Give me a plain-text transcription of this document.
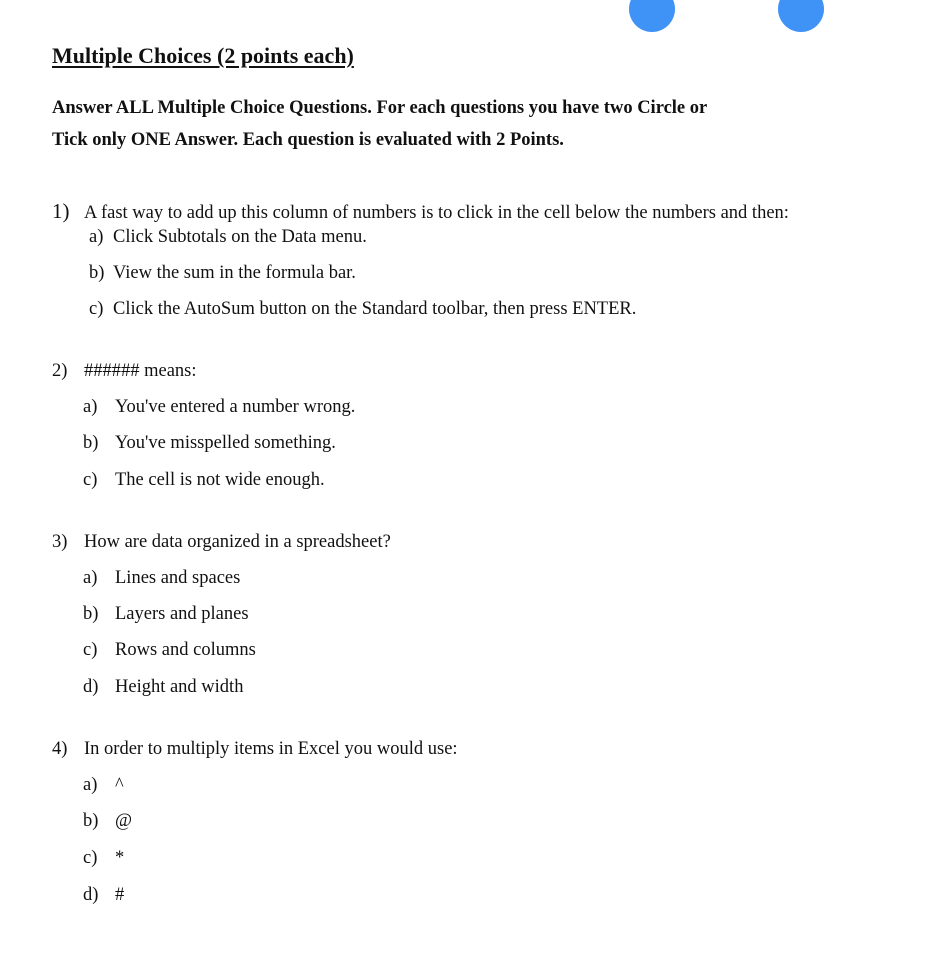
Multiple Choices (2 points each)
Answer ALL Multiple Choice Questions. For each questions you have two Circle or
Tick only ONE Answer. Each question is evaluated with 2 Points.
1) A fast way to add up this column of numbers is to click in the cell below the numbers and then:
a) Click Subtotals on the Data menu.
b) View the sum in the formula bar.
c) Click the AutoSum button on the Standard toolbar, then press ENTER.
2) ###### means:
a) You've entered a number wrong.
b) You've misspelled something.
c) The cell is not wide enough.
3) How are data organized in a spreadsheet?
a) Lines and spaces
b) Layers and planes
c) Rows and columns
d) Height and width
4) In order to multiply items in Excel you would use:
a) ^
b) @
c) *
d) #
